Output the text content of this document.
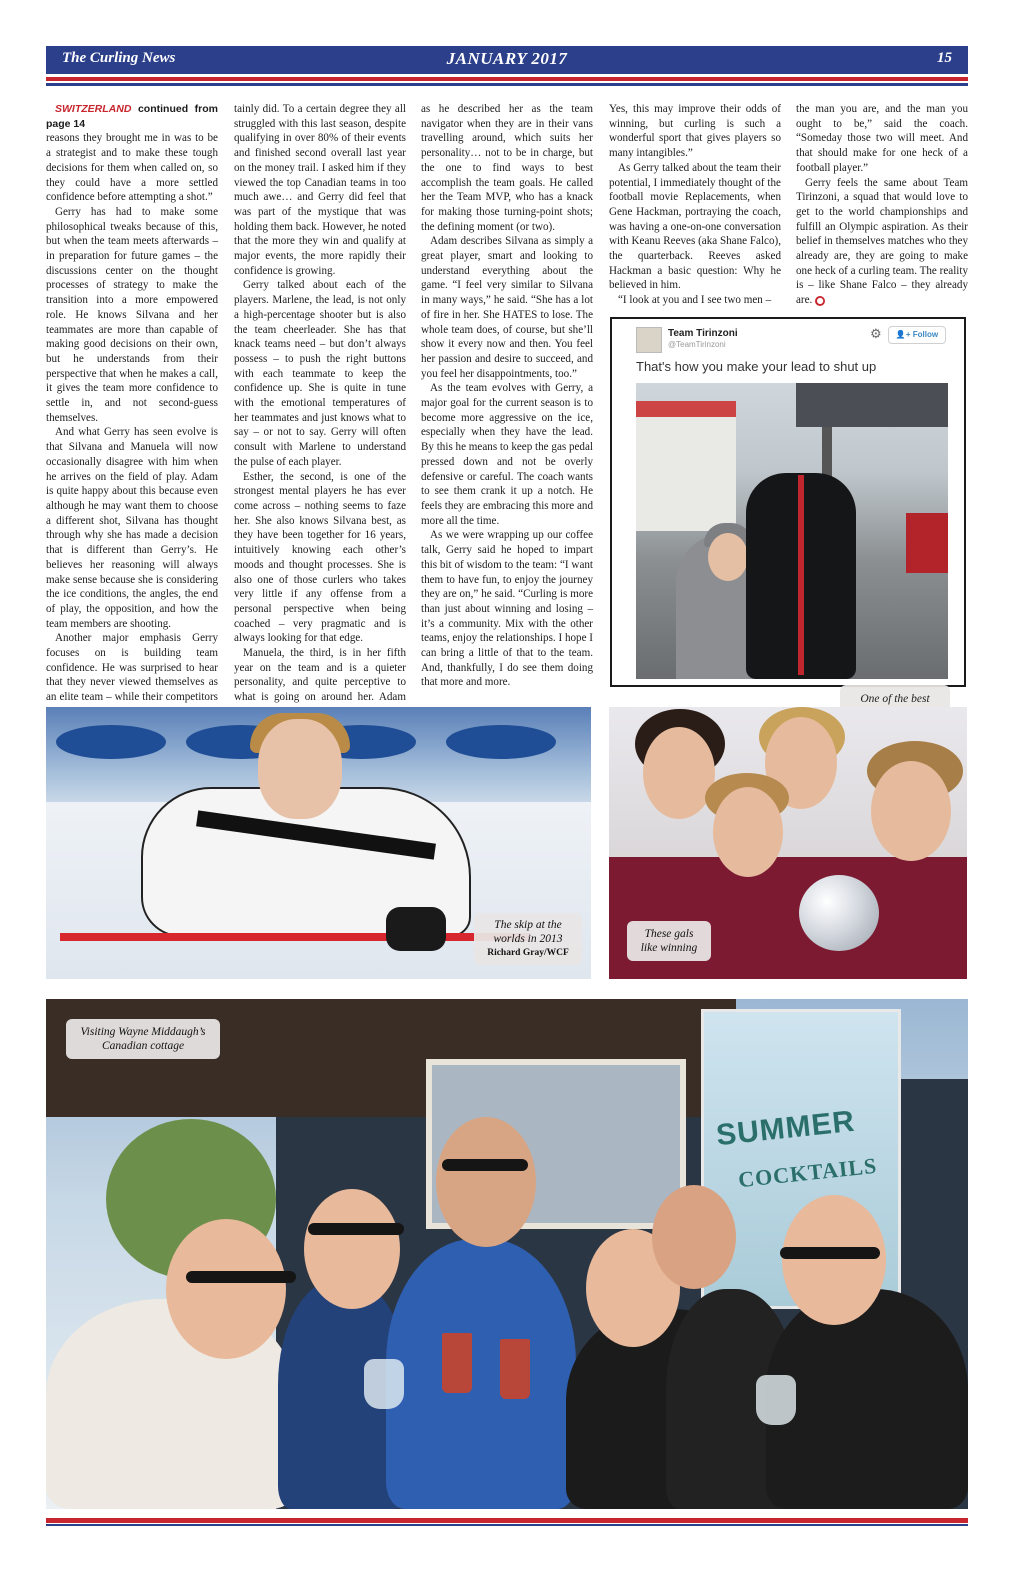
The Curling News	JANUARY 2017	15

SWITZERLAND continued from page 14

reasons they brought me in was to be a strategist and to make these tough decisions for them when called on, so they could have a more settled confidence before attempting a shot.”

Gerry has had to make some philosophical tweaks because of this, but when the team meets afterwards – in preparation for future games – the discussions center on the thought processes of strategy to make the transition into a more empowered role. He knows Silvana and her teammates are more than capable of making good decisions on their own, but he understands from their perspective that when he makes a call, it gives the team more confidence to settle in, and not second-guess themselves.

And what Gerry has seen evolve is that Silvana and Manuela will now occasionally disagree with him when he arrives on the field of play. Adam is quite happy about this because even although he may want them to choose a different shot, Silvana has thought through why she has made a decision that is different than Gerry’s. He believes her reasoning will always make sense because she is considering the ice conditions, the angles, the end of play, the opposition, and how the team members are shooting.

Another major emphasis Gerry focuses on is building team confidence. He was surprised to hear that they never viewed themselves as an elite team – while their competitors

tainly did. To a certain degree they all struggled with this last season, despite qualifying in over 80% of their events and finished second overall last year on the money trail. I asked him if they viewed the top Canadian teams in too much awe… and Gerry did feel that was part of the mystique that was holding them back. However, he noted that the more they win and qualify at major events, the more rapidly their confidence is growing.

Gerry talked about each of the players. Marlene, the lead, is not only a high-percentage shooter but is also the team cheerleader. She has that knack teams need – but don’t always possess – to push the right buttons with each teammate to keep the confidence up. She is quite in tune with the emotional temperatures of her teammates and just knows what to say – or not to say. Gerry will often consult with Marlene to understand the pulse of each player.

Esther, the second, is one of the strongest mental players he has ever come across – nothing seems to faze her. She also knows Silvana best, as they have been together for 16 years, intuitively knowing each other’s moods and thought processes. She is also one of those curlers who takes very little if any offense from a personal perspective when being coached – very pragmatic and is always looking for that edge.

Manuela, the third, is in her fifth year on the team and is a quieter personality, and quite perceptive to what is going on around her. Adam

as he described her as the team navigator when they are in their vans travelling around, which suits her personality… not to be in charge, but the one to find ways to best accomplish the team goals. He called her the Team MVP, who has a knack for making those turning-point shots; the defining moment (or two).

Adam describes Silvana as simply a great player, smart and looking to understand everything about the game. “I feel very similar to Silvana in many ways,” he said. “She has a lot of fire in her. She HATES to lose. The whole team does, of course, but she’ll show it every now and then. You feel her passion and desire to succeed, and you feel her disappointments, too.”

As the team evolves with Gerry, a major goal for the current season is to become more aggressive on the ice, especially when they have the lead. By this he means to keep the gas pedal pressed down and not be overly defensive or careful. The coach wants to see them crank it up a notch. He feels they are embracing this more and more all the time.

As we were wrapping up our coffee talk, Gerry said he hoped to impart this bit of wisdom to the team: “I want them to have fun, to enjoy the journey they are on,” he said. “Curling is more than just about winning and losing – it’s a community. Mix with the other teams, enjoy the relationships. I hope I can bring a little of that to the team. And, thankfully, I do see them doing that more and more.

Yes, this may improve their odds of winning, but curling is such a wonderful sport that gives players so many intangibles.”

As Gerry talked about the team their potential, I immediately thought of the football movie Replacements, when Gene Hackman, portraying the coach, was having a one-on-one conversation with Keanu Reeves (aka Shane Falco), the quarterback. Reeves asked Hackman a basic question: Why he believed in him.

“I look at you and I see two men –

the man you are, and the man you ought to be,” said the coach. “Someday those two will meet. And that should make for one heck of a football player.”

Gerry feels the same about Team Tirinzoni, a squad that would love to get to the world championships and fulfill an Olympic aspiration. As their belief in themselves matches who they already are, they are going to make one heck of a curling team. The reality is – like Shane Falco – they already are. ●

Team Tirinzoni
@TeamTirinzoni
⚙	👤+ Follow
That's how you make your lead to shut up
One of the best
The skip at the
worlds in 2013
Richard Gray/WCF
These gals
like winning
SUMMER
COCKTAILS
Visiting Wayne Middaugh’s
Canadian cottage
